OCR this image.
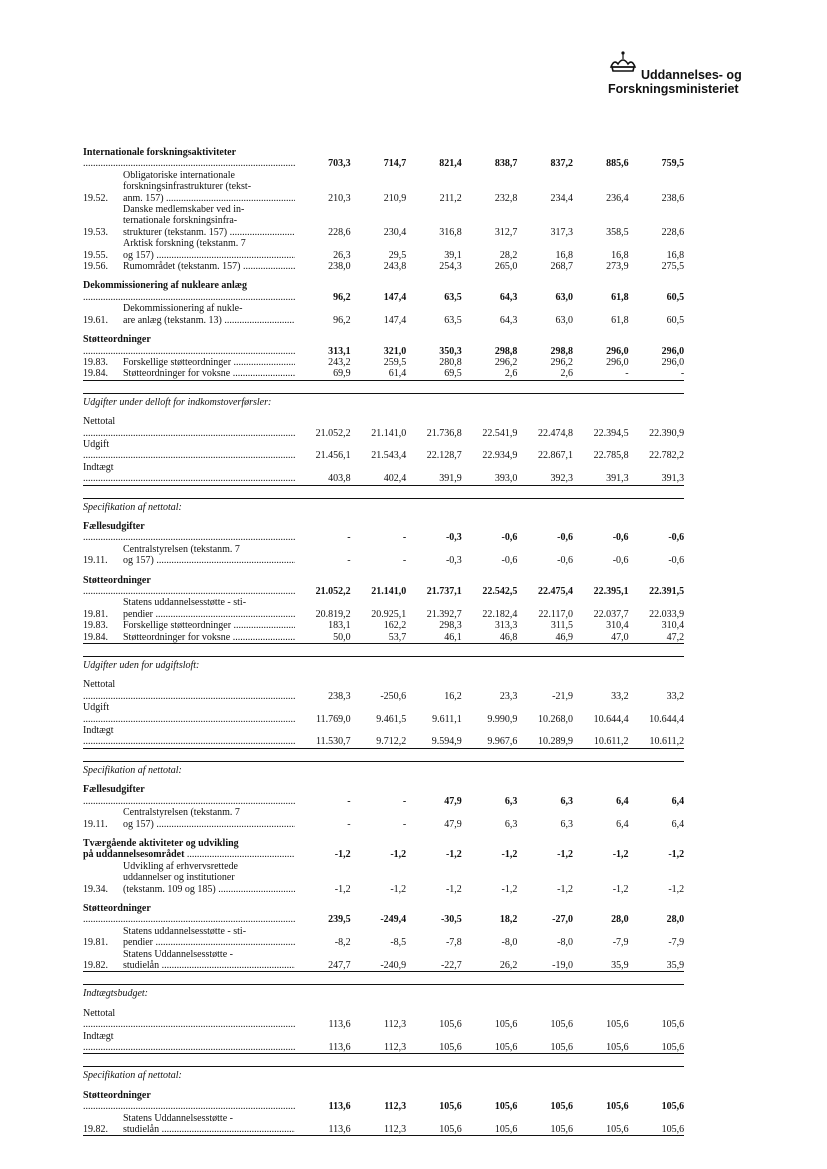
Uddannelses- og
Forskningsministeriet
Internationale forskningsaktiviteter .....
703,3	714,7	821,4	838,7	837,2	885,6	759,5
19.52.
Obligatoriske internationale
forskningsinfrastrukturer (tekst-
anm. 157) .....	210,3	210,9	211,2	232,8	234,4	236,4	238,6
19.53.
Danske medlemskaber ved in-
ternationale forskningsinfra-
strukturer (tekstanm. 157) .....	228,6	230,4	316,8	312,7	317,3	358,5	228,6
19.55.
Arktisk forskning (tekstanm. 7
og 157) .....	26,3	29,5	39,1	28,2	16,8	16,8	16,8
19.56.	Rumområdet (tekstanm. 157) .....	238,0	243,8	254,3	265,0	268,7	273,9	275,5
Dekommissionering af nukleare anlæg .....
96,2	147,4	63,5	64,3	63,0	61,8	60,5
19.61.
Dekommissionering af nukle-
are anlæg (tekstanm. 13) .....	96,2	147,4	63,5	64,3	63,0	61,8	60,5
Støtteordninger .....
313,1	321,0	350,3	298,8	298,8	296,0	296,0
19.83.	Forskellige støtteordninger .....	243,2	259,5	280,8	296,2	296,2	296,0	296,0
19.84.	Støtteordninger for voksne .....	69,9	61,4	69,5	2,6	2,6	-	-
Udgifter under delloft for indkomstoverførsler:
Nettotal .....
21.052,2	21.141,0	21.736,8	22.541,9	22.474,8	22.394,5	22.390,9
Udgift .....
21.456,1	21.543,4	22.128,7	22.934,9	22.867,1	22.785,8	22.782,2
Indtægt .....
403,8	402,4	391,9	393,0	392,3	391,3	391,3
Specifikation af nettotal:
Fællesudgifter .....
-	-	-0,3	-0,6	-0,6	-0,6	-0,6
19.11.
Centralstyrelsen (tekstanm. 7
og 157) .....	-	-	-0,3	-0,6	-0,6	-0,6	-0,6
Støtteordninger .....
21.052,2	21.141,0	21.737,1	22.542,5	22.475,4	22.395,1	22.391,5
19.81.
Statens uddannelsesstøtte - sti-
pendier .....	20.819,2	20.925,1	21.392,7	22.182,4	22.117,0	22.037,7	22.033,9
19.83.	Forskellige støtteordninger .....	183,1	162,2	298,3	313,3	311,5	310,4	310,4
19.84.	Støtteordninger for voksne .....	50,0	53,7	46,1	46,8	46,9	47,0	47,2
Udgifter uden for udgiftsloft:
Nettotal .....
238,3	-250,6	16,2	23,3	-21,9	33,2	33,2
Udgift .....
11.769,0	9.461,5	9.611,1	9.990,9	10.268,0	10.644,4	10.644,4
Indtægt .....
11.530,7	9.712,2	9.594,9	9.967,6	10.289,9	10.611,2	10.611,2
Specifikation af nettotal:
Fællesudgifter .....
-	-	47,9	6,3	6,3	6,4	6,4
19.11.
Centralstyrelsen (tekstanm. 7
og 157) .....	-	-	47,9	6,3	6,3	6,4	6,4
Tværgående aktiviteter og udvikling
på uddannelsesområdet .....	-1,2	-1,2	-1,2	-1,2	-1,2	-1,2	-1,2
19.34.
Udvikling af erhvervsrettede
uddannelser og institutioner
(tekstanm. 109 og 185) .....	-1,2	-1,2	-1,2	-1,2	-1,2	-1,2	-1,2
Støtteordninger .....
239,5	-249,4	-30,5	18,2	-27,0	28,0	28,0
19.81.
Statens uddannelsesstøtte - sti-
pendier .....	-8,2	-8,5	-7,8	-8,0	-8,0	-7,9	-7,9
19.82.
Statens Uddannelsesstøtte -
studielån .....	247,7	-240,9	-22,7	26,2	-19,0	35,9	35,9
Indtægtsbudget:
Nettotal .....
113,6	112,3	105,6	105,6	105,6	105,6	105,6
Indtægt .....
113,6	112,3	105,6	105,6	105,6	105,6	105,6
Specifikation af nettotal:
Støtteordninger .....
113,6	112,3	105,6	105,6	105,6	105,6	105,6
19.82.
Statens Uddannelsesstøtte -
studielån .....	113,6	112,3	105,6	105,6	105,6	105,6	105,6
